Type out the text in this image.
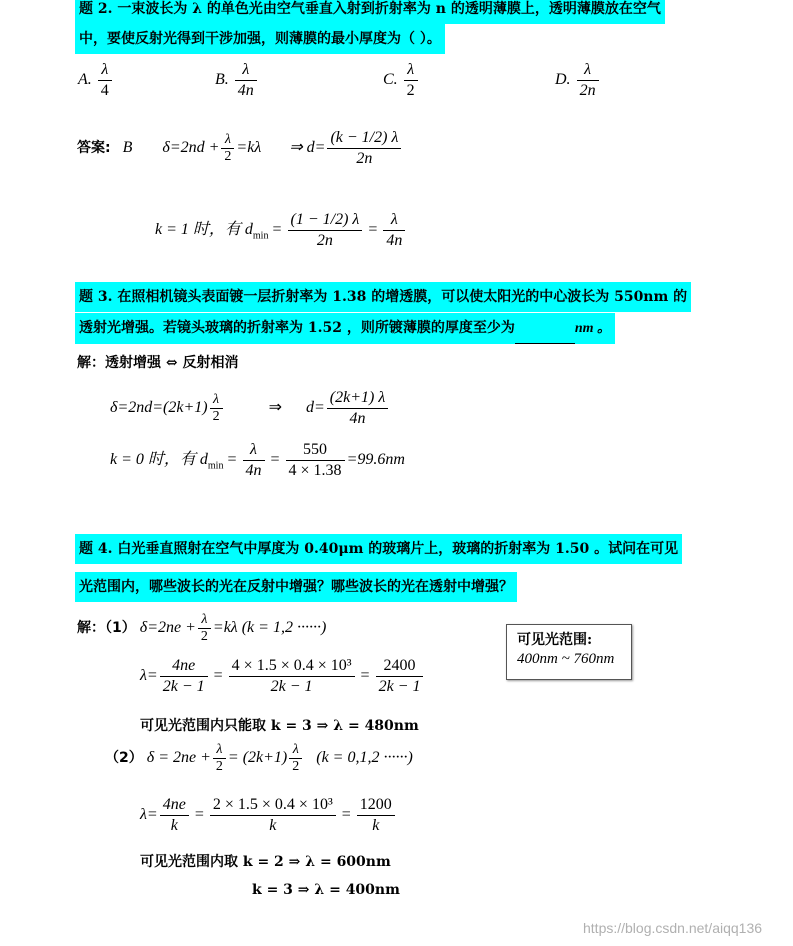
题 2. 一束波长为 λ 的单色光由空气垂直入射到折射率为 n 的透明薄膜上，透明薄膜放在空气
中，要使反射光得到干涉加强，则薄膜的最小厚度为（ ）。
A. $\frac{\lambda}{4}$	B. $\frac{\lambda}{4n}$	C. $\frac{\lambda}{2}$	D. $\frac{\lambda}{2n}$
答案: B $\delta=2nd + \frac{\lambda}{2} =k\lambda$ ⇒ $d= \frac{(k - 1/2) \lambda}{2n}$
k = 1 时，有 $d_{min} = \frac{(1 - 1/2) \lambda}{2n} = \frac{\lambda}{4n}$
题 3. 在照相机镜头表面镀一层折射率为 1.38 的增透膜，可以使太阳光的中心波长为 550nm 的
透射光增强。若镜头玻璃的折射率为 1.52 ，则所镀薄膜的厚度至少为	nm 。
解：透射增强 ⇔ 反射相消
$\delta=2nd=(2k+1) \frac{\lambda}{2}$	⇒ $d= \frac{(2k+1) \lambda}{4n}$
k = 0 时，有 $d_{min} = \frac{\lambda}{4n} = \frac{550}{4 \times 1.38} =99.6nm$
题 4. 白光垂直照射在空气中厚度为 0.40μm 的玻璃片上，玻璃的折射率为 1.50 。试问在可见
光范围内，哪些波长的光在反射中增强？哪些波长的光在透射中增强？
解：（1） $\delta=2ne + \frac{\lambda}{2} =k\lambda$ (k = 1,2 ······)
可见光范围:
400nm ~ 760nm
$\lambda= \frac{4ne}{2k - 1} = \frac{\text{4 × 1.5 × 0.4 × 10³}}{2k - 1} = \frac{2400}{2k - 1}$
可见光范围内只能取 k = 3 ⇒ λ = 480nm
（2） $\delta = 2ne + \frac{\lambda}{2} = (2k+1) \frac{\lambda}{2} (k = 0,1,2$ ······)
$\lambda= \frac{4ne}{k} = \frac{\text{2 × 1.5 × 0.4 × 10³}}{k} = \frac{1200}{k}$
可见光范围内取 k = 2 ⇒ λ = 600nm
k = 3 ⇒ λ = 400nm
https://blog.csdn.net/aiqq136
